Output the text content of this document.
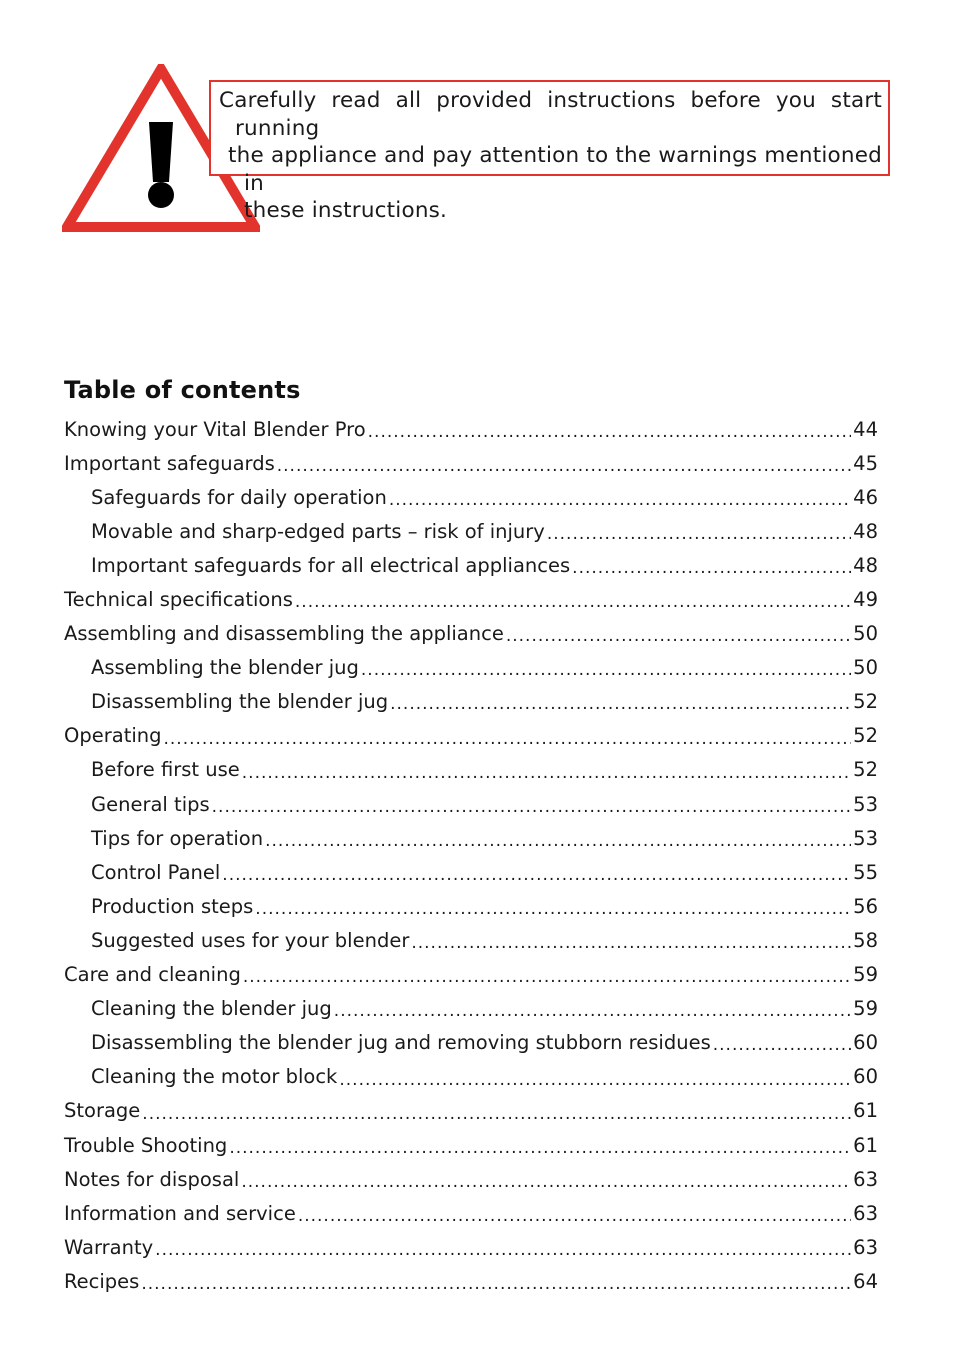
Carefully read all provided instructions before you start running
the appliance and pay attention to the warnings mentioned in
these instructions.
Table of contents
Knowing your Vital Blender Pro .....	44
Important safeguards .....	45
Safeguards for daily operation .....	46
Movable and sharp-edged parts – risk of injury .....	48
Important safeguards for all electrical appliances .....	48
Technical specifications .....	49
Assembling and disassembling the appliance .....	50
Assembling the blender jug .....	50
Disassembling the blender jug .....	52
Operating .....	52
Before first use .....	52
General tips .....	53
Tips for operation .....	53
Control Panel .....	55
Production steps .....	56
Suggested uses for your blender .....	58
Care and cleaning .....	59
Cleaning the blender jug .....	59
Disassembling the blender jug and removing stubborn residues .....	60
Cleaning the motor block .....	60
Storage .....	61
Trouble Shooting .....	61
Notes for disposal .....	63
Information and service .....	63
Warranty .....	63
Recipes .....	64
